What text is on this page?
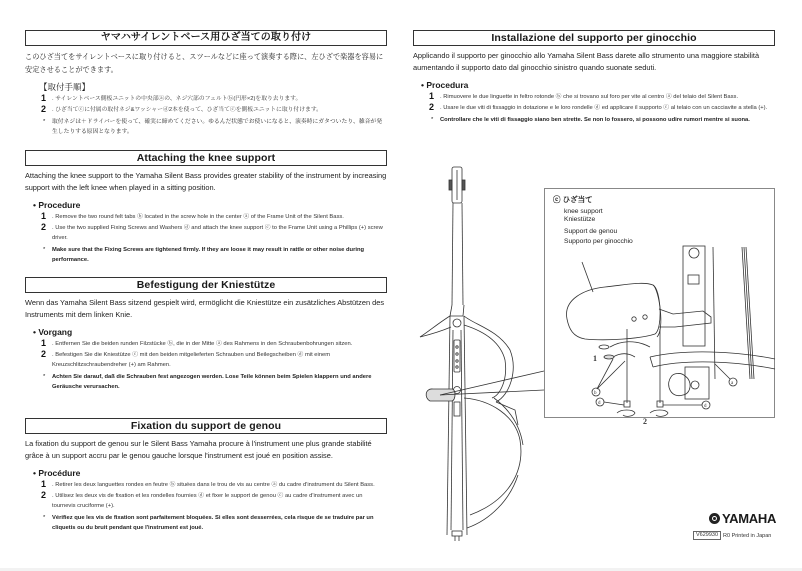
ヤマハサイレントベース用ひざ当ての取り付け
このひざ当てをサイレントベースに取り付けると、スツールなどに座って演奏する際に、左ひざで楽器を容易に安定させることができます。
【取付手順】
1 . サイレントベース側板ユニットの中央部ⓐの、ネジ穴部のフェルトⓑ(円形×2)を取り去ります。
2 . ひざ当てⓒに付属の取付ネジ&ワッシャーⓓ2本を使って、ひざ当てⓒを側板ユニットに取り付けます。
* 取付ネジは＋ドライバーを使って、確実に締めてください。ゆるんだ状態でお使いになると、演奏時にガタついたり、雑音が発生したりする原因となります。
Attaching the knee support
Attaching the knee support to the Yamaha Silent Bass provides greater stability of the instrument by increasing support with the left knee when played in a sitting position.
• Procedure
1 . Remove the two round felt tabs ⓑ located in the screw hole in the center ⓐ of the Frame Unit of the Silent Bass.
2 . Use the two supplied Fixing Screws and Washers ⓓ and attach the knee support ⓒ to the Frame Unit using a Phillips (+) screw driver.
* Make sure that the Fixing Screws are tightened firmly. If they are loose it may result in rattle or other noise during performance.
Befestigung der Kniestütze
Wenn das Yamaha Silent Bass sitzend gespielt wird, ermöglicht die Kniestütze ein zusätzliches Abstützen des Instruments mit dem linken Knie.
• Vorgang
1 . Entfernen Sie die beiden runden Filzstücke ⓑ, die in der Mitte ⓐ des Rahmens in den Schraubenbohrungen sitzen.
2 . Befestigen Sie die Kniestütze ⓒ mit den beiden mitgelieferten Schrauben und Beilegscheiben ⓓ mit einem Kreuzschlitzschraubendreher (+) am Rahmen.
* Achten Sie darauf, daß die Schrauben fest angezogen werden. Lose Teile können beim Spielen klappern und andere Geräusche verursachen.
Fixation du support de genou
La fixation du support de genou sur le Silent Bass Yamaha procure à l'instrument une plus grande stabilité grâce à un support accru par le genou gauche lorsque l'instrument est joué en position assise.
• Procédure
1 . Retirer les deux languettes rondes en feutre ⓑ situées dans le trou de vis au centre ⓐ du cadre d'instrument du Silent Bass.
2 . Utilisez les deux vis de fixation et les rondelles fournies ⓓ et fixer le support de genou ⓒ au cadre d'instrument avec un tournevis cruciforme (+).
* Vérifiez que les vis de fixation sont parfaitement bloquées. Si elles sont desserrées, cela risque de se traduire par un cliquetis ou du bruit pendant que l'instrument est joué.
Installazione del supporto per ginocchio
Applicando il supporto per ginocchio allo Yamaha Silent Bass darete allo strumento una maggiore stabilità aumentando il supporto dato dal ginocchio sinistro quando suonate seduti.
• Procedura
1 . Rimuovere le due linguette in feltro rotonde ⓑ che si trovano sul foro per vite al centro ⓐ del telaio del Silent Bass.
2 . Usare le due viti di fissaggio in dotazione e le loro rondelle ⓓ ed applicare il supporto ⓒ al telaio con un cacciavite a stella (+).
* Controllare che le viti di fissaggio siano ben strette. Se non lo fossero, si possono udire rumori mentre si suona.
ⓒ ひざ当て
knee support
Kniestütze
Support de genou
Supporto per ginocchio
a
b
d
d
1
2
YAMAHA
V629930 R0 Printed in Japan
